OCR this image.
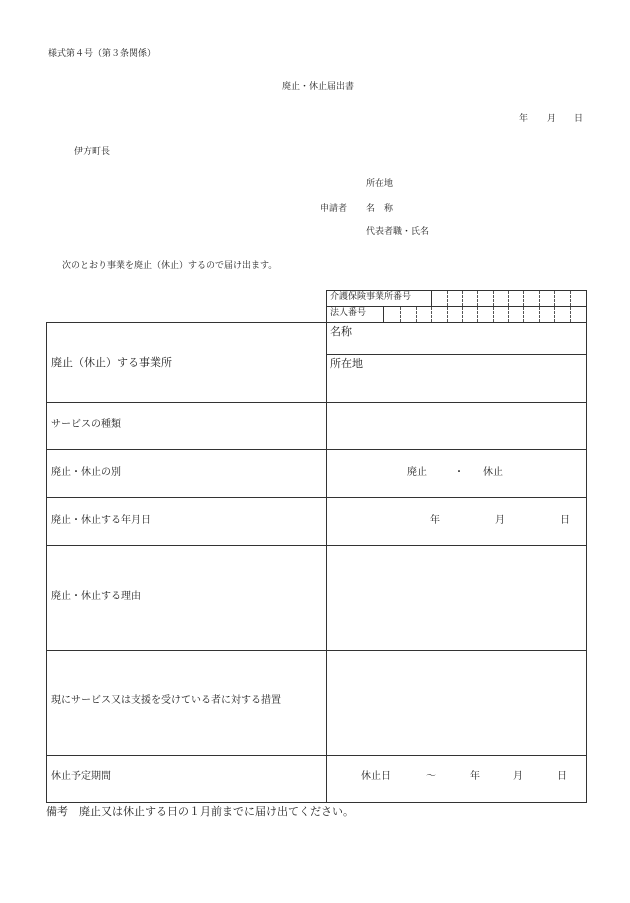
様式第４号（第３条関係）
廃止・休止届出書
年 月 日
伊方町長
所在地
申請者 名　称
代表者職・氏名
次のとおり事業を廃止（休止）するので届け出ます。
介護保険事業所番号
法人番号
廃止（休止）する事業所
名称
所在地
サービスの種類
廃止・休止の別	廃止	・ 休止
廃止・休止する年月日	年	月	日
廃止・休止する理由
現にサービス又は支援を受けている者に対する措置
休止予定期間	休止日	～	年	月	日
備考　廃止又は休止する日の１月前までに届け出てください。
